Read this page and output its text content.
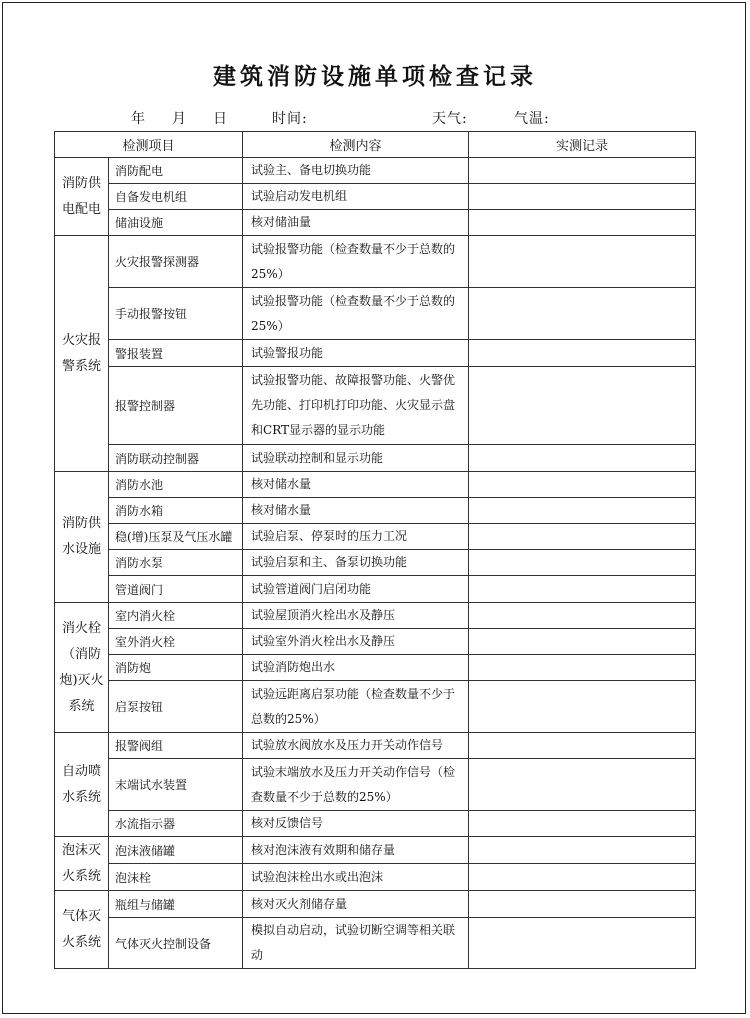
建筑消防设施单项检查记录
年 月 日	时间:	天气:	气温:
检测项目		检测内容	实测记录
消防供电配电	消防配电	试验主、备电切换功能	
	自备发电机组	试验启动发电机组	
	储油设施	核对储油量	
火灾报警系统	火灾报警探测器	试验报警功能（检查数量不少于总数的25%）	
	手动报警按钮	试验报警功能（检查数量不少于总数的25%）	
	警报装置	试验警报功能	
	报警控制器	试验报警功能、故障报警功能、火警优先功能、打印机打印功能、火灾显示盘和CRT显示器的显示功能	
	消防联动控制器	试验联动控制和显示功能	
消防供水设施	消防水池	核对储水量	
	消防水箱	核对储水量	
	稳(增)压泵及气压水罐	试验启泵、停泵时的压力工况	
	消防水泵	试验启泵和主、备泵切换功能	
	管道阀门	试验管道阀门启闭功能	
消火栓（消防炮)灭火系统	室内消火栓	试验屋顶消火栓出水及静压	
	室外消火栓	试验室外消火栓出水及静压	
	消防炮	试验消防炮出水	
	启泵按钮	试验远距离启泵功能（检查数量不少于总数的25%）	
自动喷水系统	报警阀组	试验放水阀放水及压力开关动作信号	
	末端试水装置	试验末端放水及压力开关动作信号（检查数量不少于总数的25%）	
	水流指示器	核对反馈信号	
泡沫灭火系统	泡沫液储罐	核对泡沫液有效期和储存量	
	泡沫栓	试验泡沫栓出水或出泡沫	
气体灭火系统	瓶组与储罐	核对灭火剂储存量	
	气体灭火控制设备	模拟自动启动，试验切断空调等相关联动	
